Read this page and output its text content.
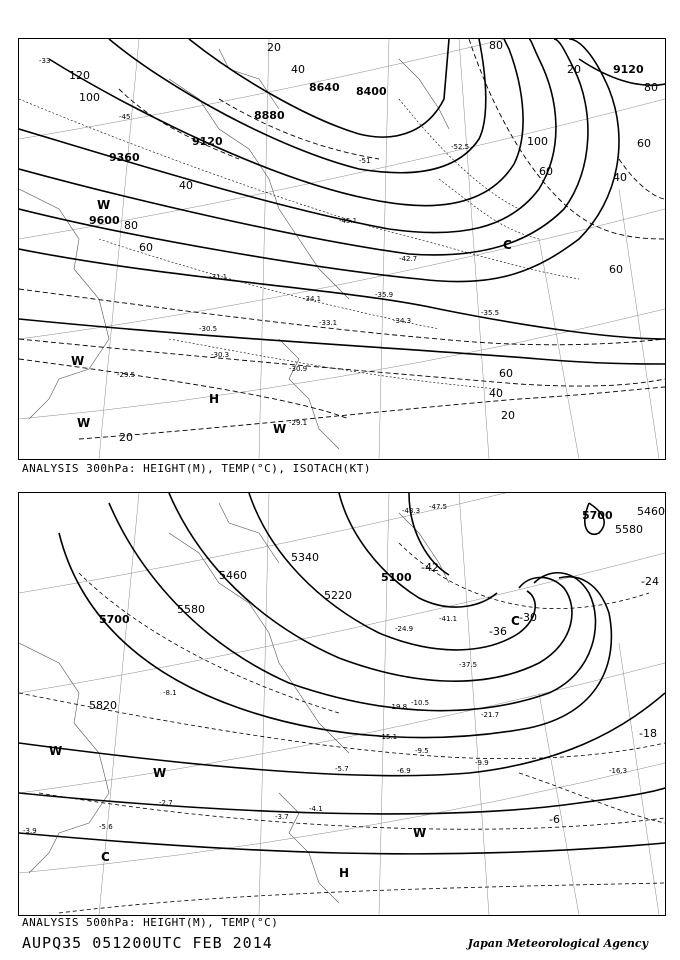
9600
9360
9120
8880
8640 8400
9120
20
40
60
80
100
120
80
60
40
20
100
60
80
60
40
20
20
40
60
-33
-45
-51
-52.5
-45.1
-42.7
-31.1
-30.5
-29.5
-34.1
-35.5
-35.9
-33.1	-34.3
-30.3
-30.9
-29.1
W
W
W
H
C
W
ANALYSIS 300hPa: HEIGHT(M), TEMP(°C), ISOTACH(KT)
5700
5580
5460
5340
5220
5100
5820
5700
5580
5460
-42
-36
-30
-24
-18
-6
-47.5
-43.3
-41.1
-37.5
-24.9
-21.7
-19.8
-15.1
-10.5
-9.5
-8.1
-5.7
-2.7
-4.1
-3.7
-6.9
-5.6
-3.9
-16.3
-9.9
W
W
W
C
H
C
ANALYSIS 500hPa: HEIGHT(M), TEMP(°C)
AUPQ35 051200UTC FEB 2014	Japan Meteorological Agency
